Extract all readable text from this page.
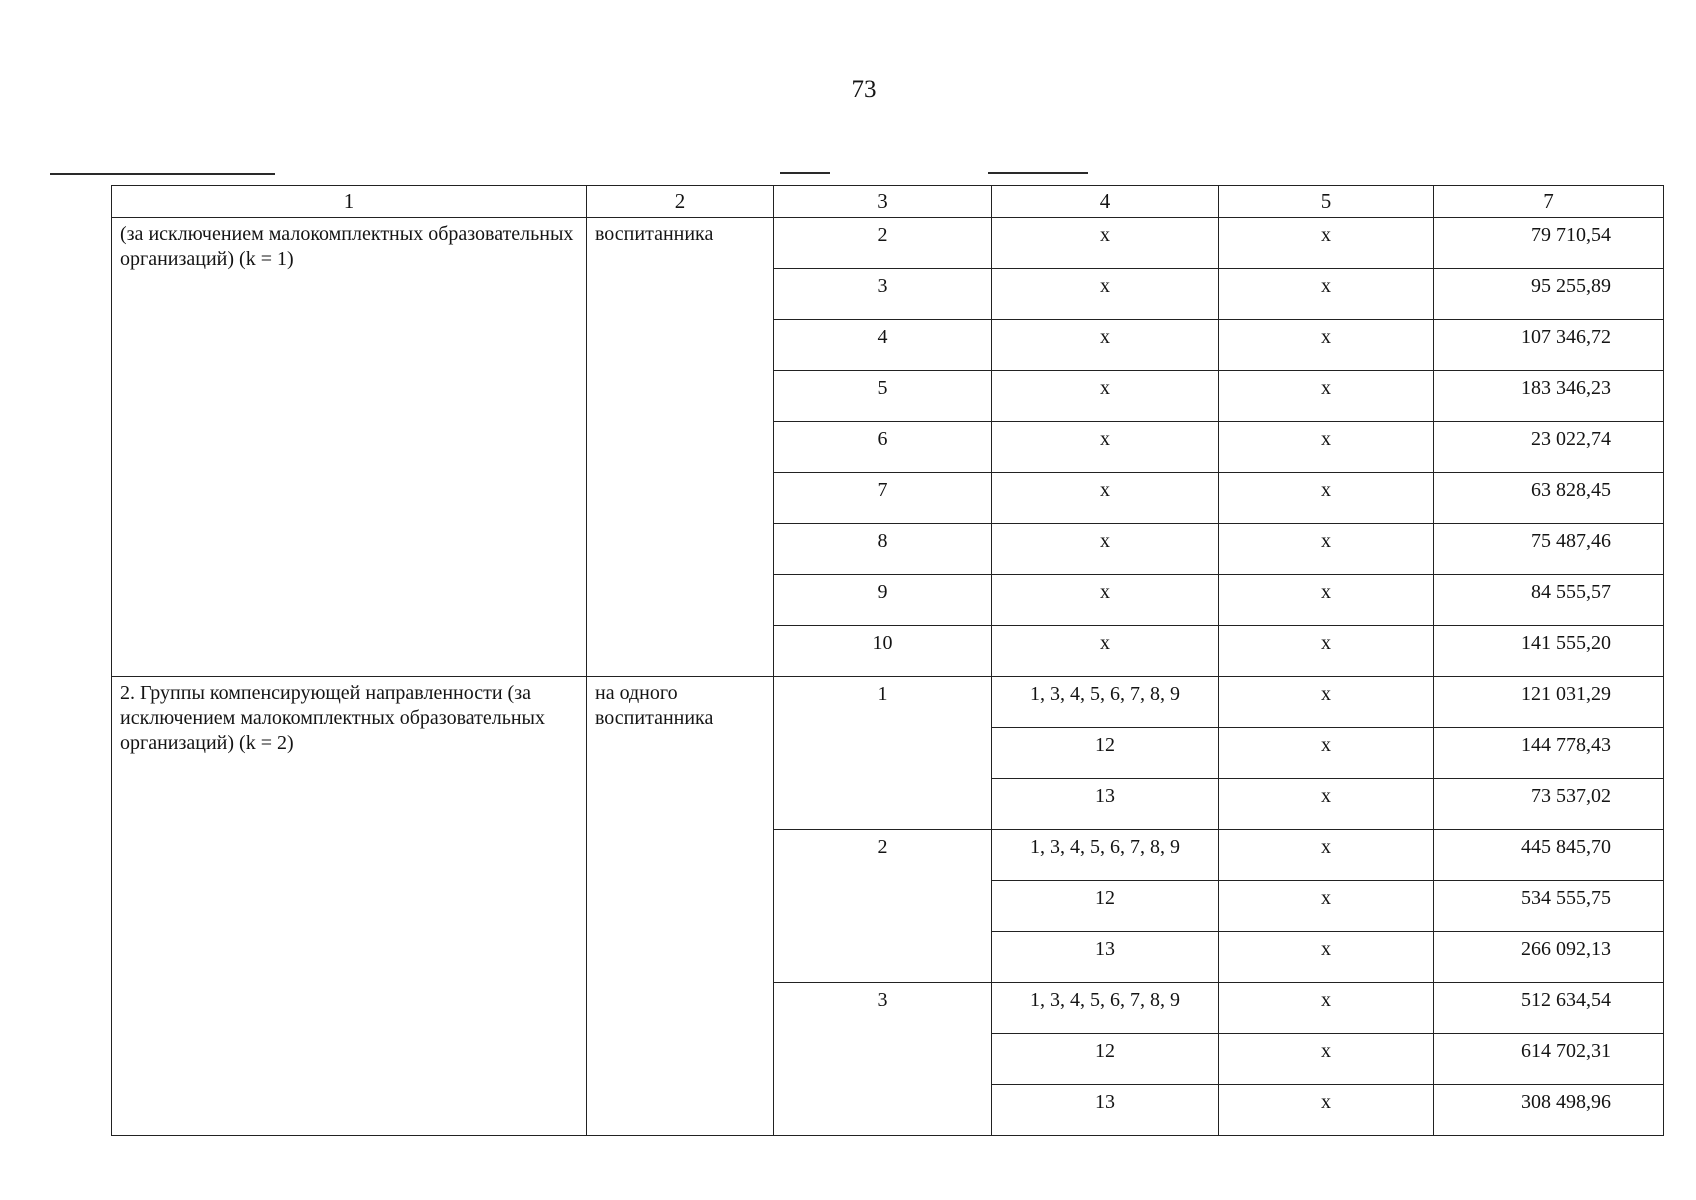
73
1	2	3	4	5	7
(за исключением малокомплектных образовательных организаций) (k = 1)	воспитанника	2	х	х	79 710,54
		3	х	х	95 255,89
		4	х	х	107 346,72
		5	х	х	183 346,23
		6	х	х	23 022,74
		7	х	х	63 828,45
		8	х	х	75 487,46
		9	х	х	84 555,57
		10	х	х	141 555,20
2. Группы компенсирующей направленности (за исключением малокомплектных образовательных организаций) (k = 2)	на одного воспитанника	1	1, 3, 4, 5, 6, 7, 8, 9	х	121 031,29
			12	х	144 778,43
			13	х	73 537,02
		2	1, 3, 4, 5, 6, 7, 8, 9	х	445 845,70
			12	х	534 555,75
			13	х	266 092,13
		3	1, 3, 4, 5, 6, 7, 8, 9	х	512 634,54
			12	х	614 702,31
			13	х	308 498,96
